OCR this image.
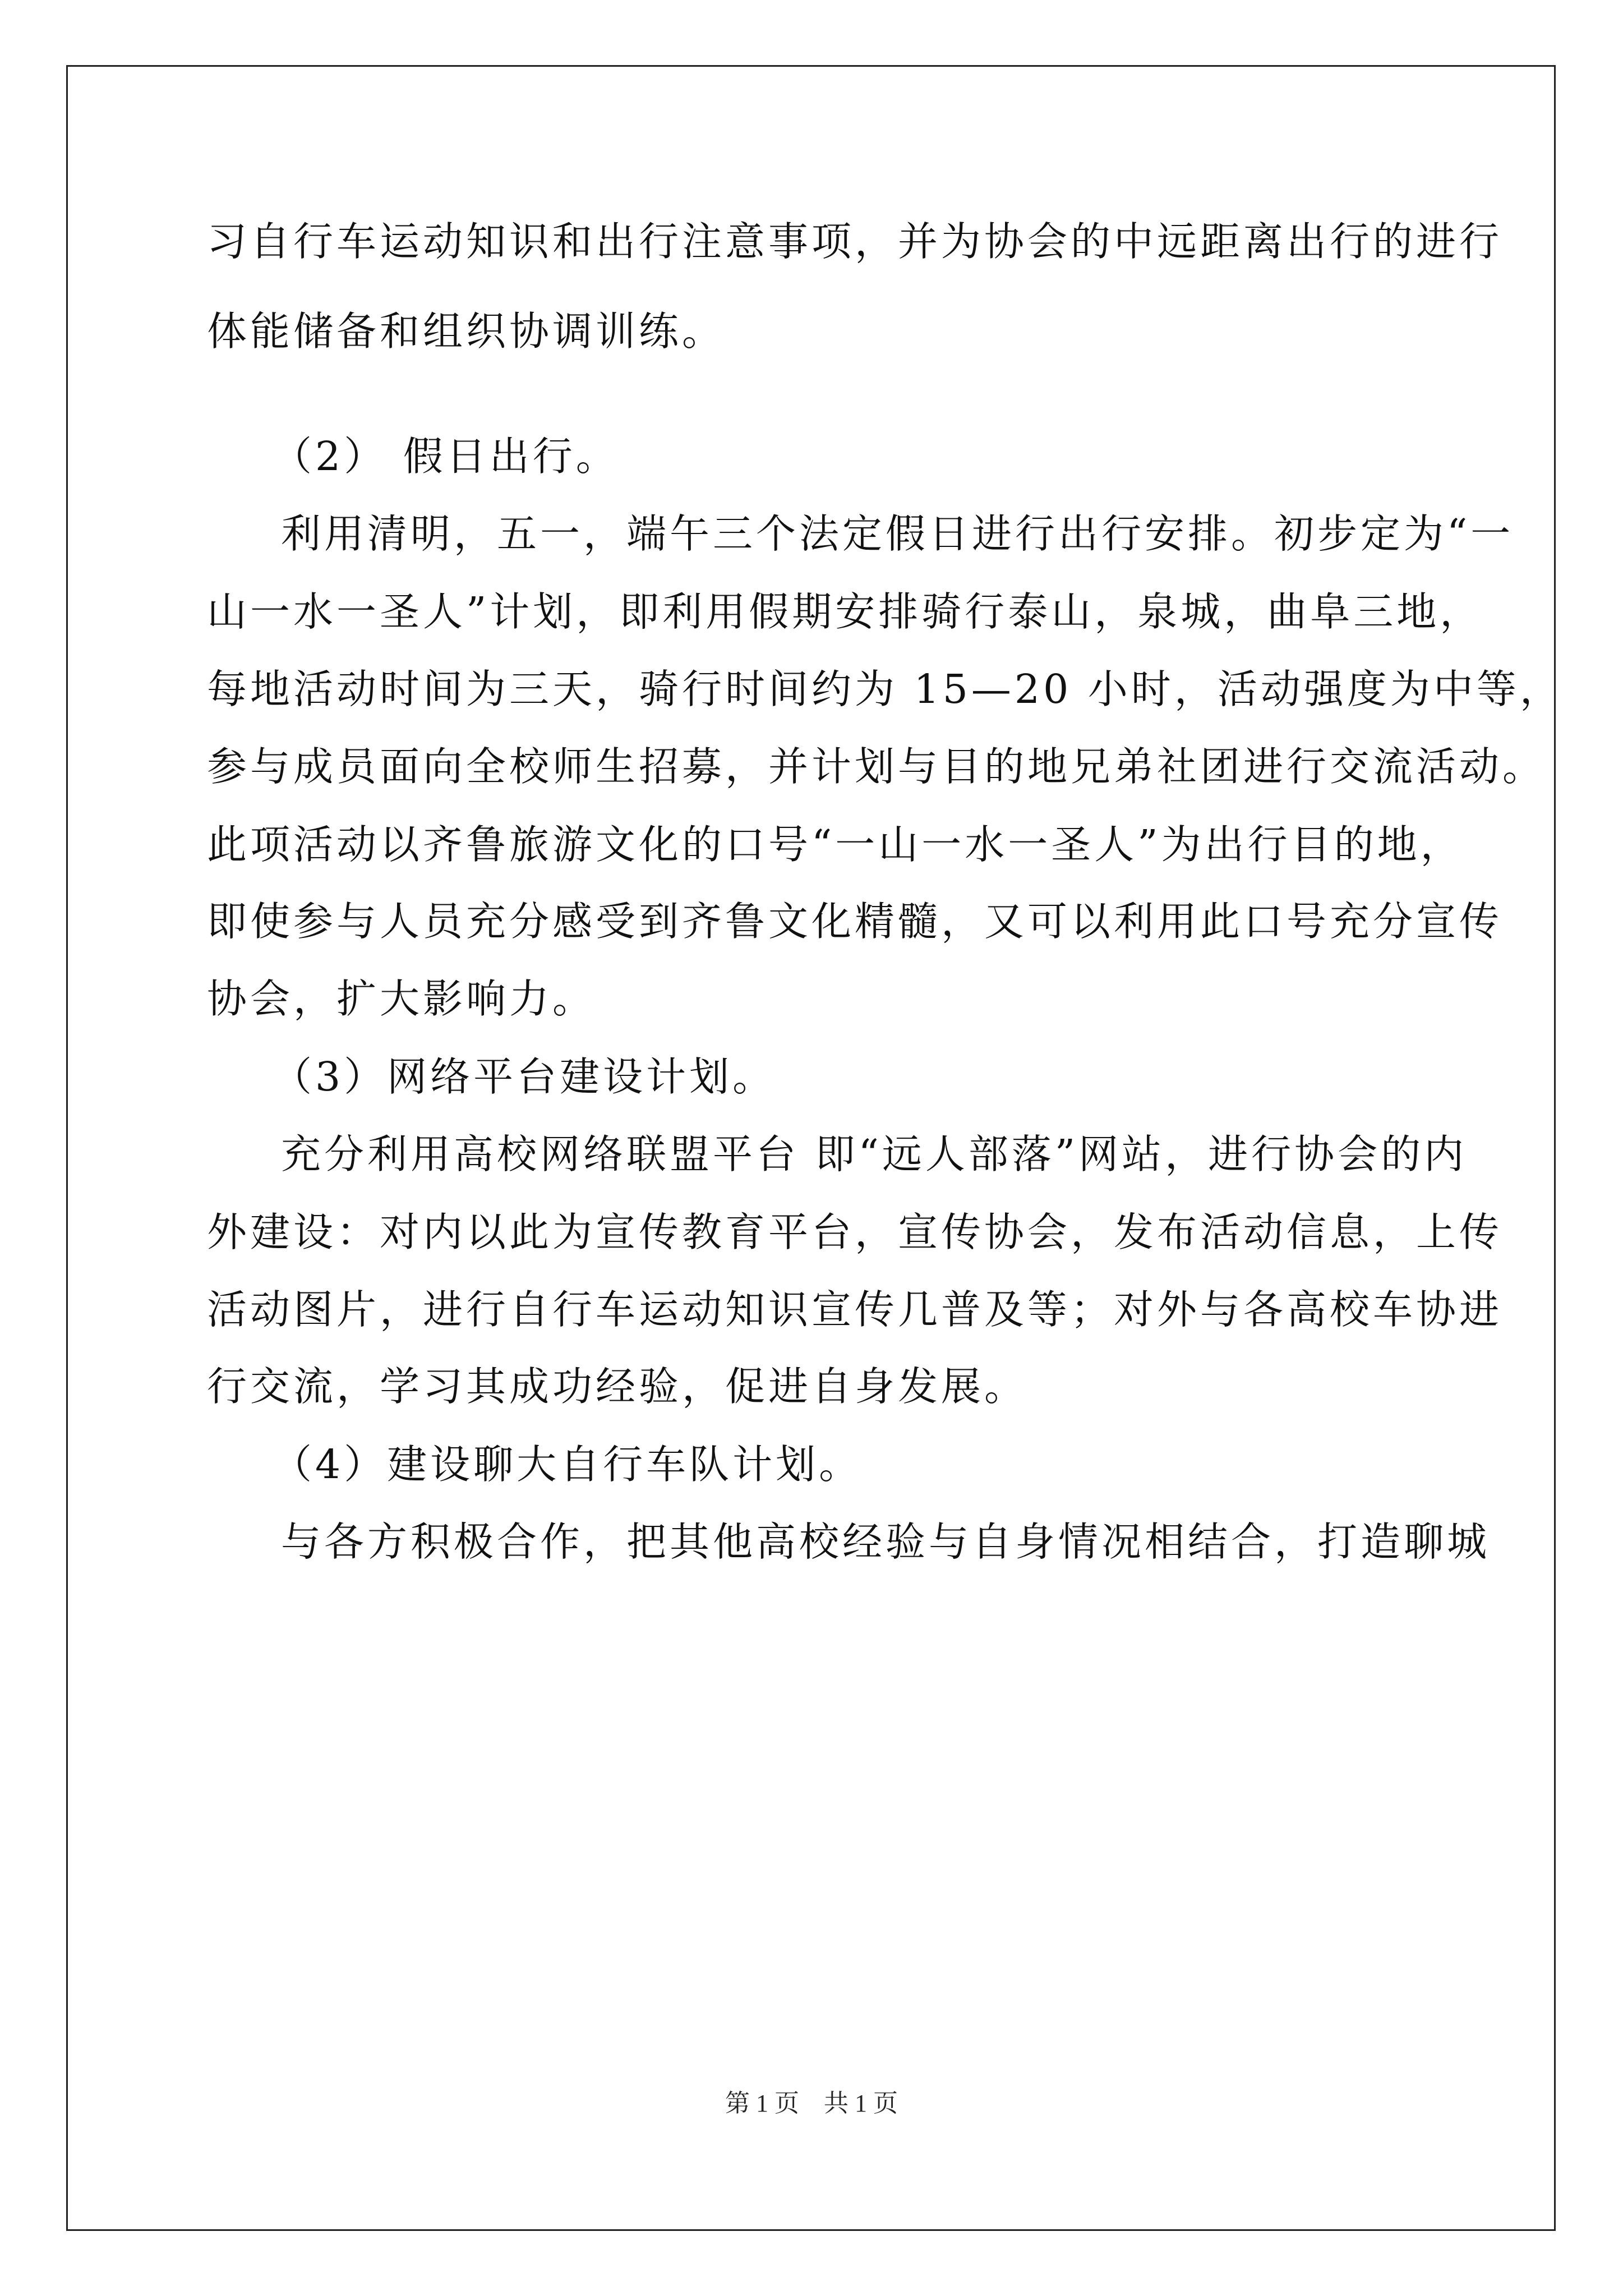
习自行车运动知识和出行注意事项，并为协会的中远距离出行的进行
体能储备和组织协调训练。
（2） 假日出行。
利用清明，五一，端午三个法定假日进行出行安排。初步定为“一
山一水一圣人”计划，即利用假期安排骑行泰山，泉城，曲阜三地，
每地活动时间为三天，骑行时间约为 15—20 小时，活动强度为中等，
参与成员面向全校师生招募，并计划与目的地兄弟社团进行交流活动。
此项活动以齐鲁旅游文化的口号“一山一水一圣人”为出行目的地，
即使参与人员充分感受到齐鲁文化精髓，又可以利用此口号充分宣传
协会，扩大影响力。
（3）网络平台建设计划。
充分利用高校网络联盟平台 即“远人部落”网站，进行协会的内
外建设：对内以此为宣传教育平台，宣传协会，发布活动信息，上传
活动图片，进行自行车运动知识宣传几普及等；对外与各高校车协进
行交流，学习其成功经验，促进自身发展。
（4）建设聊大自行车队计划。
与各方积极合作，把其他高校经验与自身情况相结合，打造聊城
第 1 页　共 1 页
